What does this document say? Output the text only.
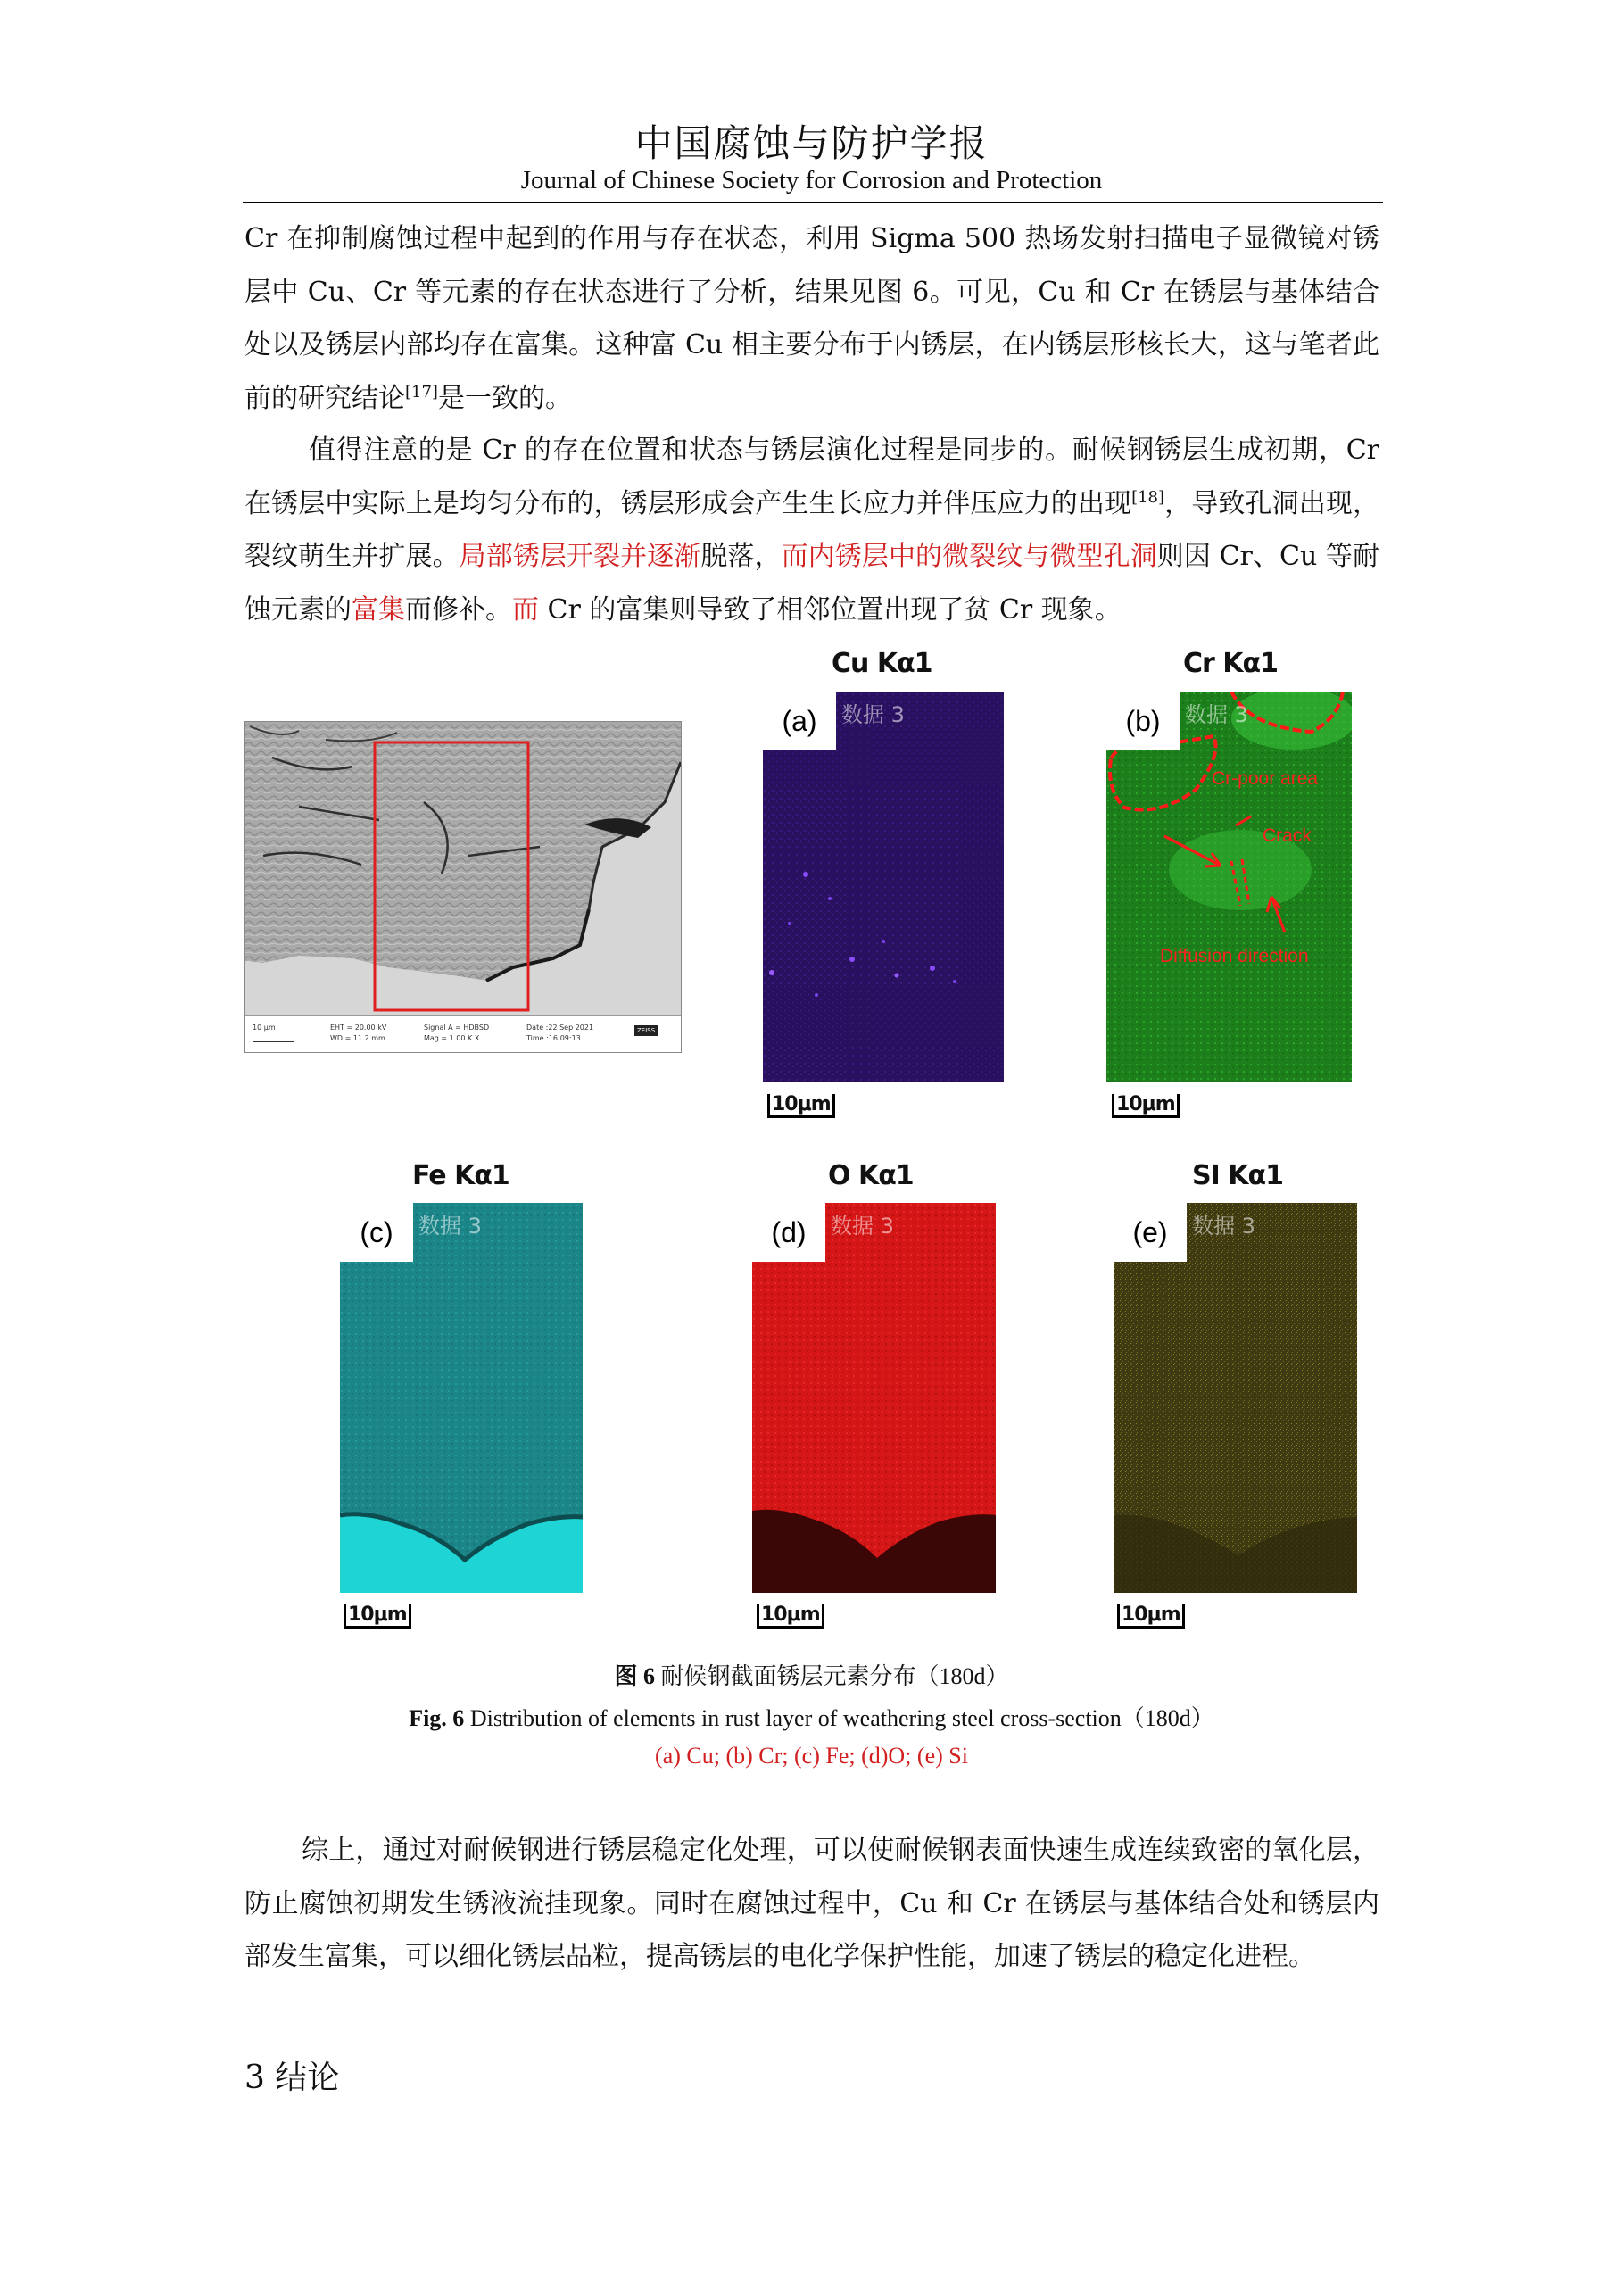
中国腐蚀与防护学报
Journal of Chinese Society for Corrosion and Protection

Cr 在抑制腐蚀过程中起到的作用与存在状态，利用 Sigma 500 热场发射扫描电子显微镜对锈层中 Cu、Cr 等元素的存在状态进行了分析，结果见图 6。可见，Cu 和 Cr 在锈层与基体结合处以及锈层内部均存在富集。这种富 Cu 相主要分布于内锈层，在内锈层形核长大，这与笔者此前的研究结论[17]是一致的。

值得注意的是 Cr 的存在位置和状态与锈层演化过程是同步的。耐候钢锈层生成初期，Cr 在锈层中实际上是均匀分布的，锈层形成会产生生长应力并伴压应力的出现[18]，导致孔洞出现，裂纹萌生并扩展。局部锈层开裂并逐渐脱落，而内锈层中的微裂纹与微型孔洞则因 Cr、Cu 等耐蚀元素的富集而修补。而 Cr 的富集则导致了相邻位置出现了贫 Cr 现象。

10 μm	EHT = 20.00 kV
WD = 11.2 mm
Signal A = HDBSD
Mag = 1.00 K X
Date :22 Sep 2021
Time :16:09:13
ZEISS
Cu Kα1
数据 3
(a)
10μm
Cr Kα1
数据 3
(b)
Cr-poor area
Crack
Diffusion direction
10μm
Fe Kα1
数据 3
(c)
10μm
O Kα1
数据 3
(d)
10μm
SI Kα1
数据 3
(e)
10μm
图 6 耐候钢截面锈层元素分布（180d）
Fig. 6 Distribution of elements in rust layer of weathering steel cross-section（180d）
(a) Cu; (b) Cr; (c) Fe; (d)O; (e) Si

综上，通过对耐候钢进行锈层稳定化处理，可以使耐候钢表面快速生成连续致密的氧化层，防止腐蚀初期发生锈液流挂现象。同时在腐蚀过程中，Cu 和 Cr 在锈层与基体结合处和锈层内部发生富集，可以细化锈层晶粒，提高锈层的电化学保护性能，加速了锈层的稳定化进程。

3 结论
